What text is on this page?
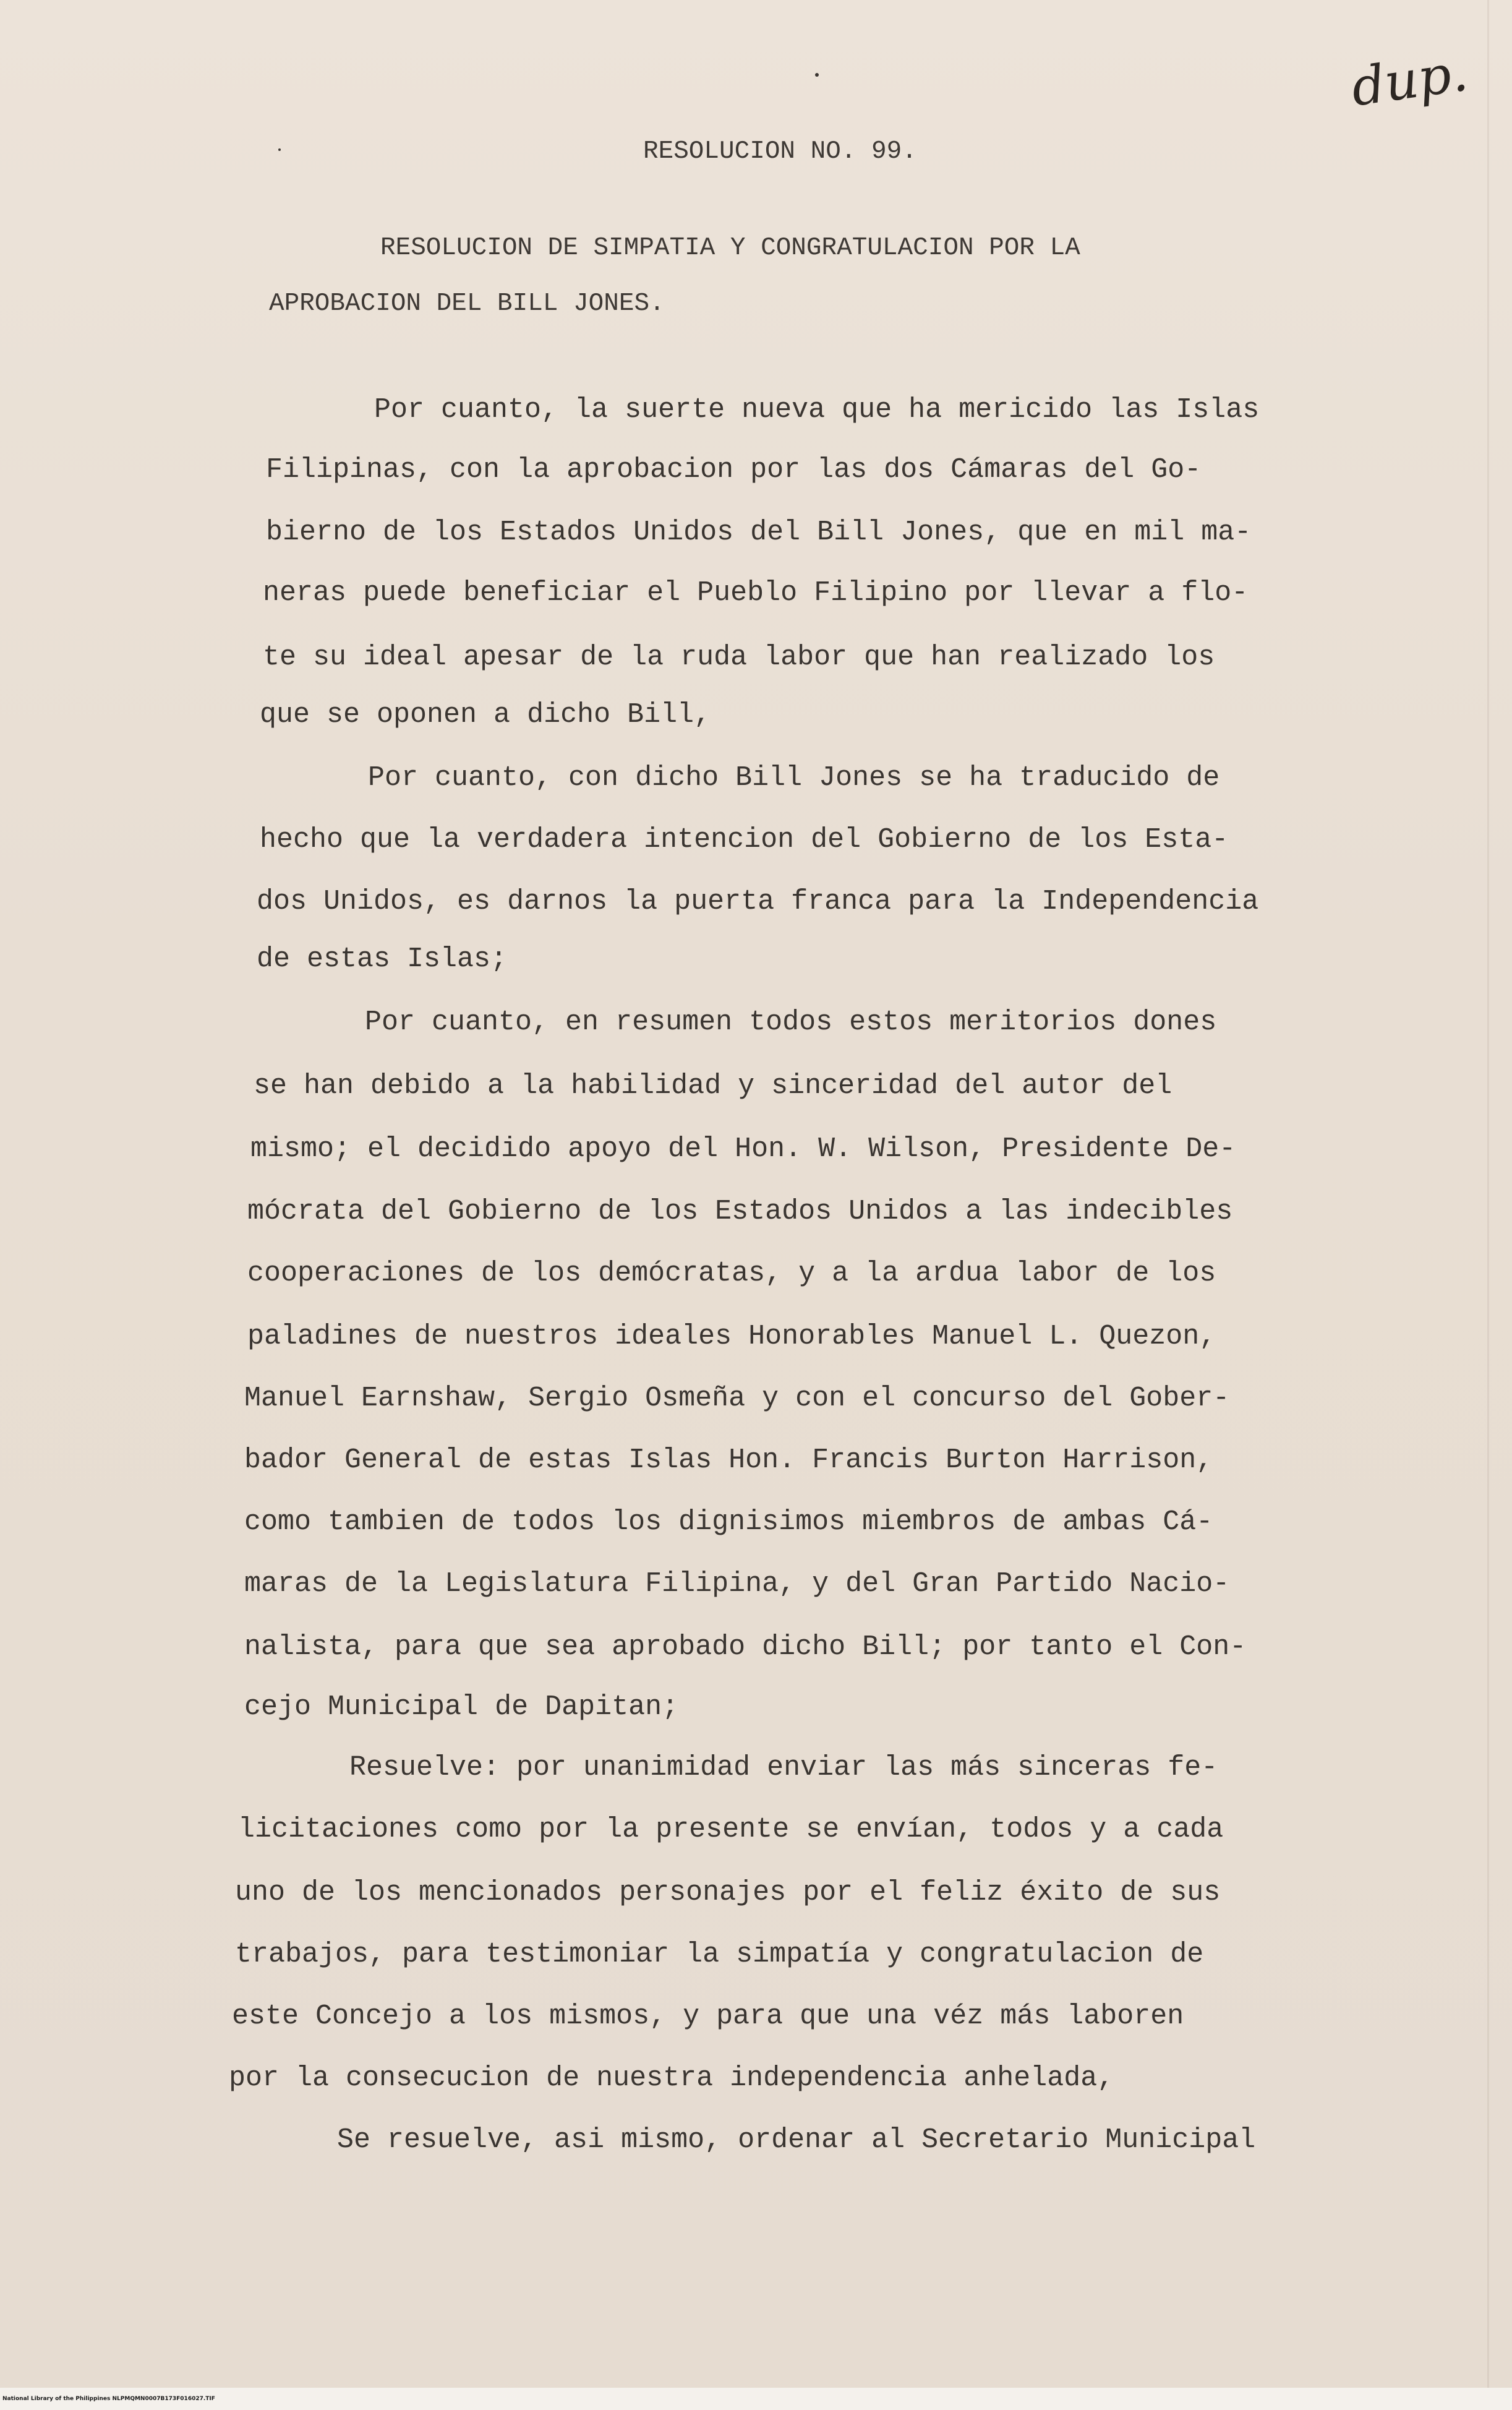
dup.
RESOLUCION NO. 99.
RESOLUCION DE SIMPATIA Y CONGRATULACION POR LA
APROBACION DEL BILL JONES.
Por cuanto, la suerte nueva que ha mericido las Islas
Filipinas, con la aprobacion por las dos Cámaras del Go-
bierno de los Estados Unidos del Bill Jones, que en mil ma-
neras puede beneficiar el Pueblo Filipino por llevar a flo-
te su ideal apesar de la ruda labor que han realizado los
que se oponen a dicho Bill,
Por cuanto, con dicho Bill Jones se ha traducido de
hecho que la verdadera intencion del Gobierno de los Esta-
dos Unidos, es darnos la puerta franca para la Independencia
de estas Islas;
Por cuanto, en resumen todos estos meritorios dones
se han debido a la habilidad y sinceridad del autor del
mismo; el decidido apoyo del Hon. W. Wilson, Presidente De-
mócrata del Gobierno de los Estados Unidos a las indecibles
cooperaciones de los demócratas, y a la ardua labor de los
paladines de nuestros ideales Honorables Manuel L. Quezon,
Manuel Earnshaw, Sergio Osmeña y con el concurso del Gober-
bador General de estas Islas Hon. Francis Burton Harrison,
como tambien de todos los dignisimos miembros de ambas Cá-
maras de la Legislatura Filipina, y del Gran Partido Nacio-
nalista, para que sea aprobado dicho Bill; por tanto el Con-
cejo Municipal de Dapitan;
Resuelve: por unanimidad enviar las más sinceras fe-
licitaciones como por la presente se envían, todos y a cada
uno de los mencionados personajes por el feliz éxito de sus
trabajos, para testimoniar la simpatía y congratulacion de
este Concejo a los mismos, y para que una véz más laboren
por la consecucion de nuestra independencia anhelada,
Se resuelve, asi mismo, ordenar al Secretario Municipal
National Library of the Philippines NLPMQMN0007B173F016027.TIF
